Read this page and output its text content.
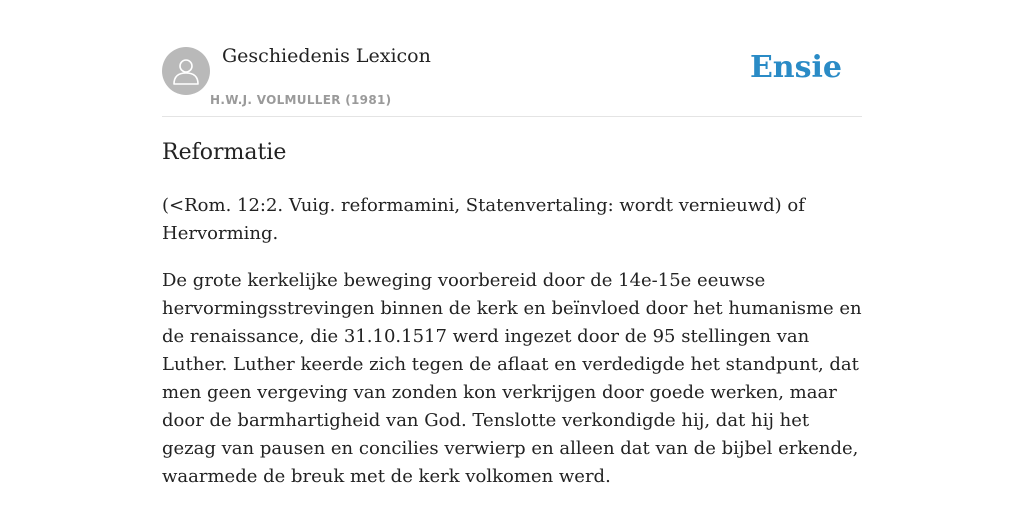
Geschiedenis Lexicon
H.W.J. VOLMULLER (1981)
Ensie
Reformatie

(<Rom. 12:2. Vuig. reformamini, Statenvertaling: wordt vernieuwd) of Hervorming.

De grote kerkelijke beweging voorbereid door de 14e-15e eeuwse hervormingsstrevingen binnen de kerk en beïnvloed door het humanisme en de renaissance, die 31.10.1517 werd ingezet door de 95 stellingen van Luther. Luther keerde zich tegen de aflaat en verdedigde het standpunt, dat men geen vergeving van zonden kon verkrijgen door goede werken, maar door de barmhartigheid van God. Tenslotte verkondigde hij, dat hij het gezag van pausen en concilies verwierp en alleen dat van de bijbel erkende, waarmede de breuk met de kerk volkomen werd.
